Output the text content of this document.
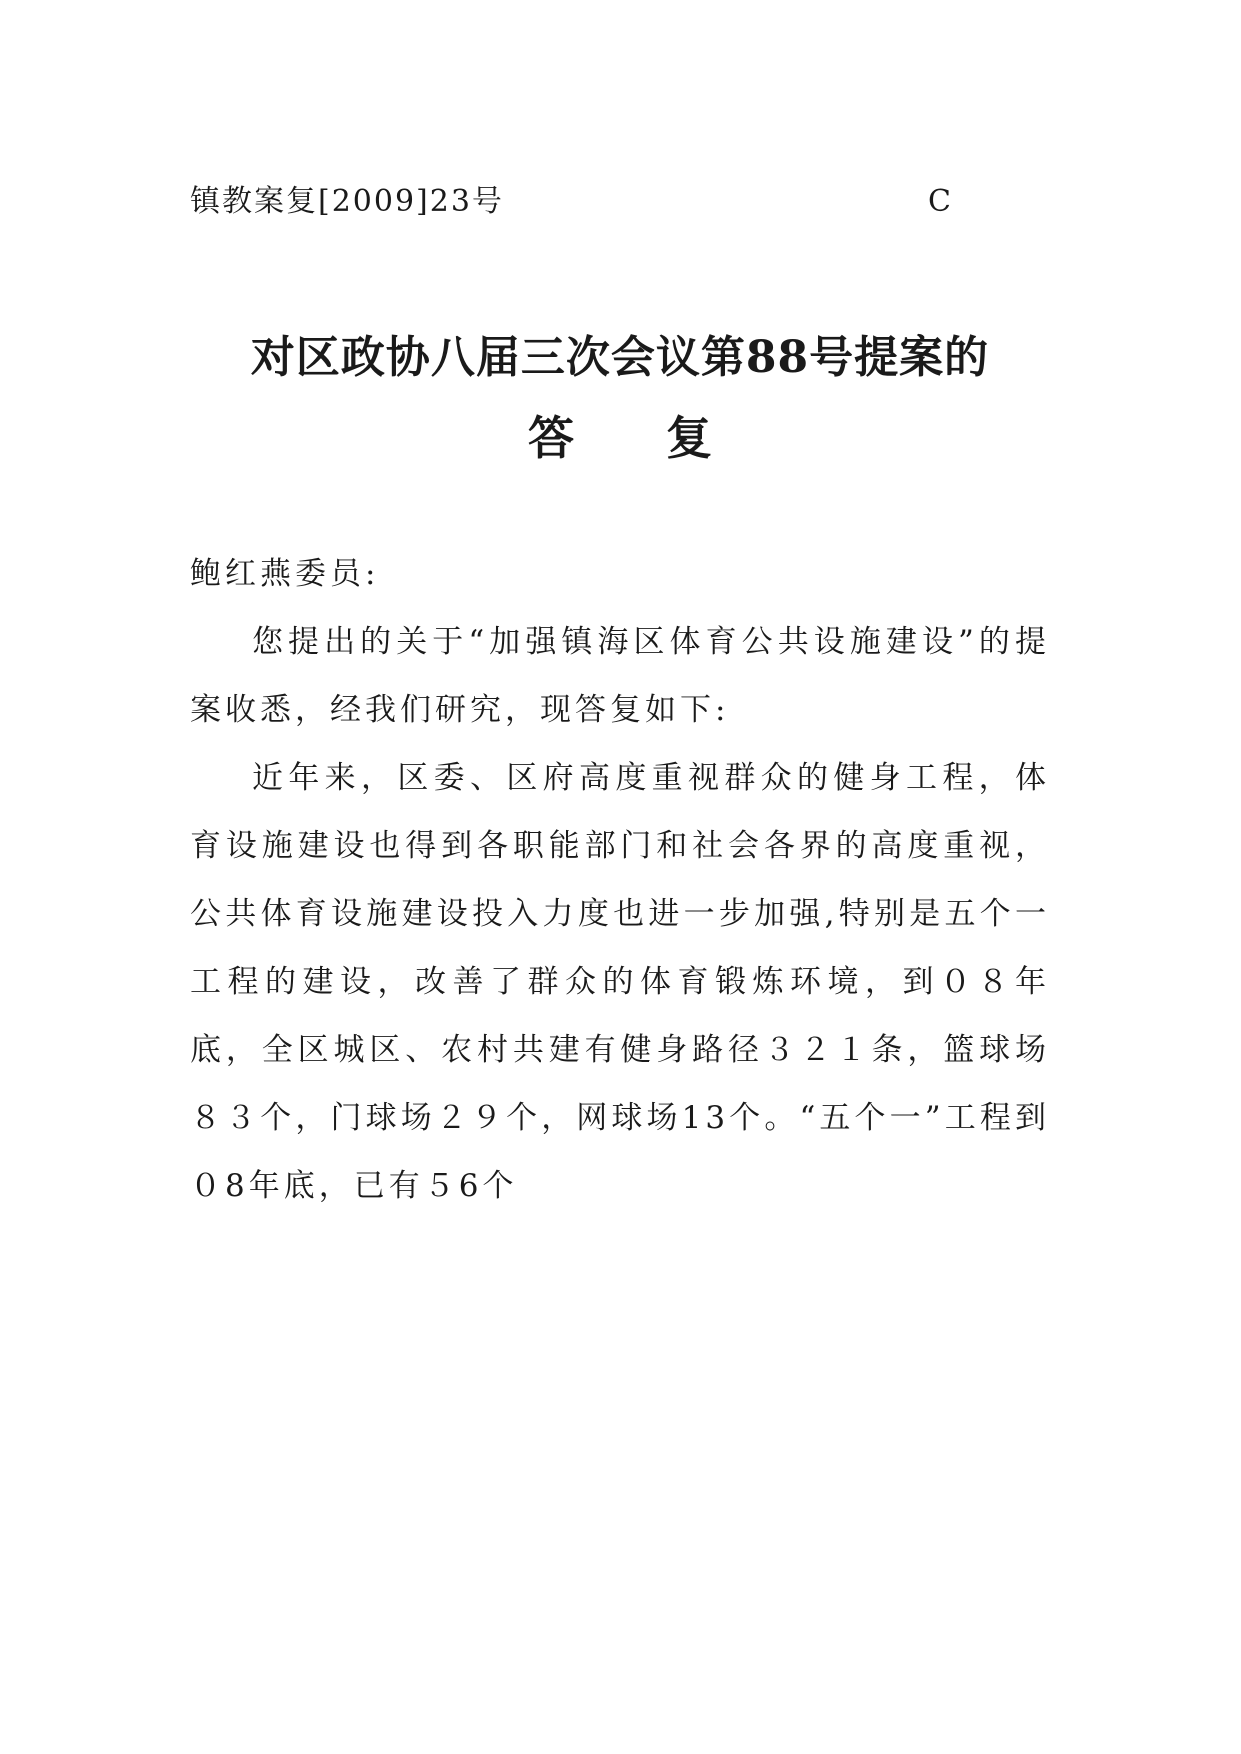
镇教案复[2009]23号	C
对区政协八届三次会议第88号提案的
答　　复

鲍红燕委员:

您提出的关于“加强镇海区体育公共设施建设”的提案收悉，经我们研究，现答复如下:

近年来，区委、区府高度重视群众的健身工程，体育设施建设也得到各职能部门和社会各界的高度重视，公共体育设施建设投入力度也进一步加强,特别是五个一工程的建设，改善了群众的体育锻炼环境，到０８年底，全区城区、农村共建有健身路径３２１条，篮球场８３个，门球场２９个，网球场13个。“五个一”工程到０8年底，已有５6个
